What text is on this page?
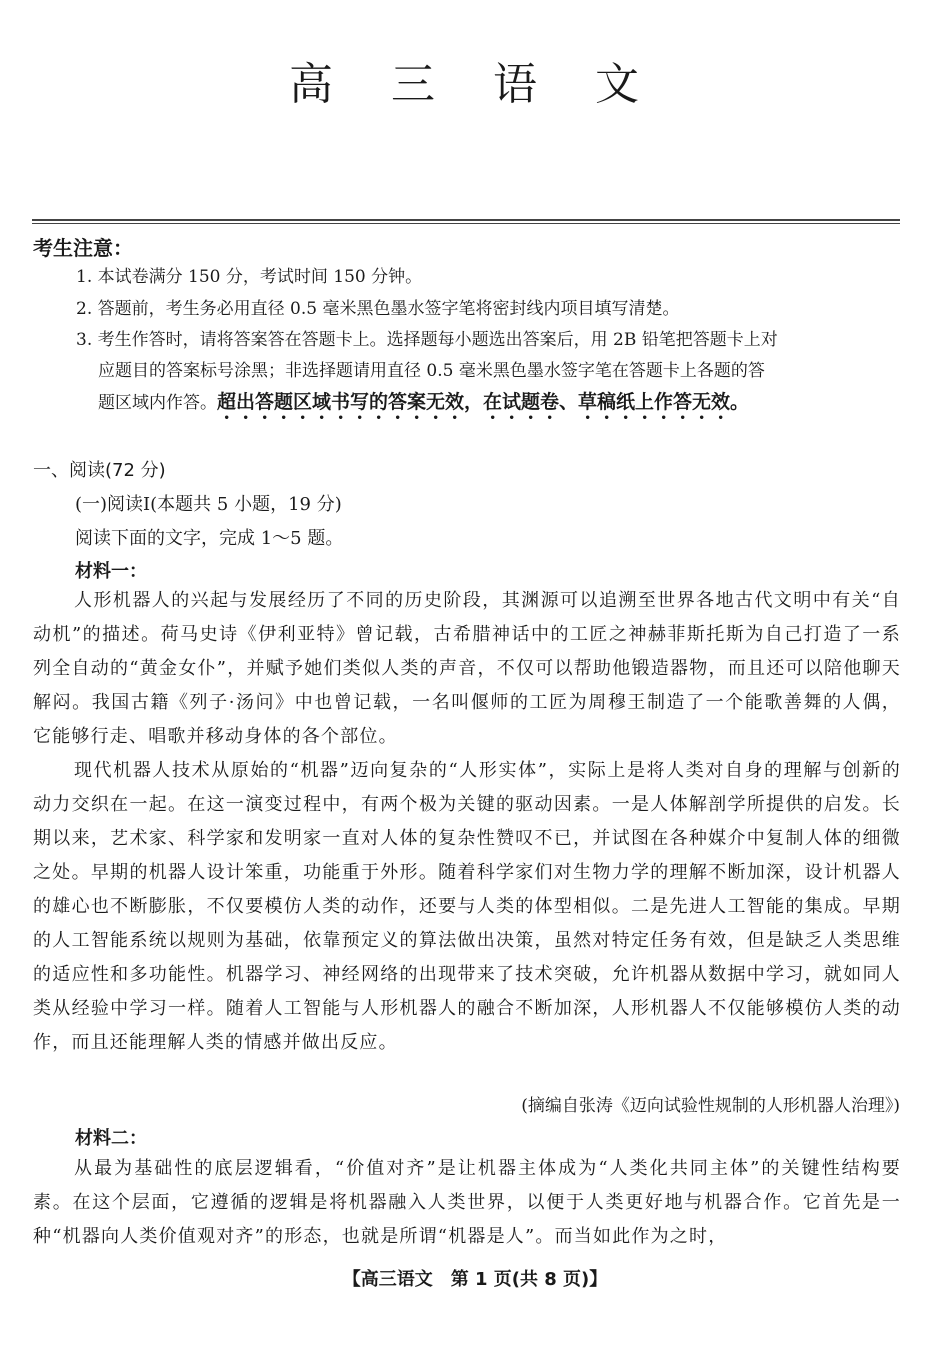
高 三 语 文

考生注意：

1. 本试卷满分 150 分，考试时间 150 分钟。

2. 答题前，考生务必用直径 0.5 毫米黑色墨水签字笔将密封线内项目填写清楚。

3. 考生作答时，请将答案答在答题卡上。选择题每小题选出答案后，用 2B 铅笔把答题卡上对

应题目的答案标号涂黑；非选择题请用直径 0.5 毫米黑色墨水签字笔在答题卡上各题的答

题区域内作答。超出答题区域书写的答案无效，在试题卷、草稿纸上作答无效。

一、阅读(72 分)

(一)阅读Ⅰ(本题共 5 小题，19 分)

阅读下面的文字，完成 1～5 题。

材料一：

人形机器人的兴起与发展经历了不同的历史阶段，其渊源可以追溯至世界各地古代文明中有关“自动机”的描述。荷马史诗《伊利亚特》曾记载，古希腊神话中的工匠之神赫菲斯托斯为自己打造了一系列全自动的“黄金女仆”，并赋予她们类似人类的声音，不仅可以帮助他锻造器物，而且还可以陪他聊天解闷。我国古籍《列子·汤问》中也曾记载，一名叫偃师的工匠为周穆王制造了一个能歌善舞的人偶，它能够行走、唱歌并移动身体的各个部位。

现代机器人技术从原始的“机器”迈向复杂的“人形实体”，实际上是将人类对自身的理解与创新的动力交织在一起。在这一演变过程中，有两个极为关键的驱动因素。一是人体解剖学所提供的启发。长期以来，艺术家、科学家和发明家一直对人体的复杂性赞叹不已，并试图在各种媒介中复制人体的细微之处。早期的机器人设计笨重，功能重于外形。随着科学家们对生物力学的理解不断加深，设计机器人的雄心也不断膨胀，不仅要模仿人类的动作，还要与人类的体型相似。二是先进人工智能的集成。早期的人工智能系统以规则为基础，依靠预定义的算法做出决策，虽然对特定任务有效，但是缺乏人类思维的适应性和多功能性。机器学习、神经网络的出现带来了技术突破，允许机器从数据中学习，就如同人类从经验中学习一样。随着人工智能与人形机器人的融合不断加深，人形机器人不仅能够模仿人类的动作，而且还能理解人类的情感并做出反应。

(摘编自张涛《迈向试验性规制的人形机器人治理》)

材料二：

从最为基础性的底层逻辑看，“价值对齐”是让机器主体成为“人类化共同主体”的关键性结构要素。在这个层面，它遵循的逻辑是将机器融入人类世界，以便于人类更好地与机器合作。它首先是一种“机器向人类价值观对齐”的形态，也就是所谓“机器是人”。而当如此作为之时，

【高三语文　第 1 页(共 8 页)】
